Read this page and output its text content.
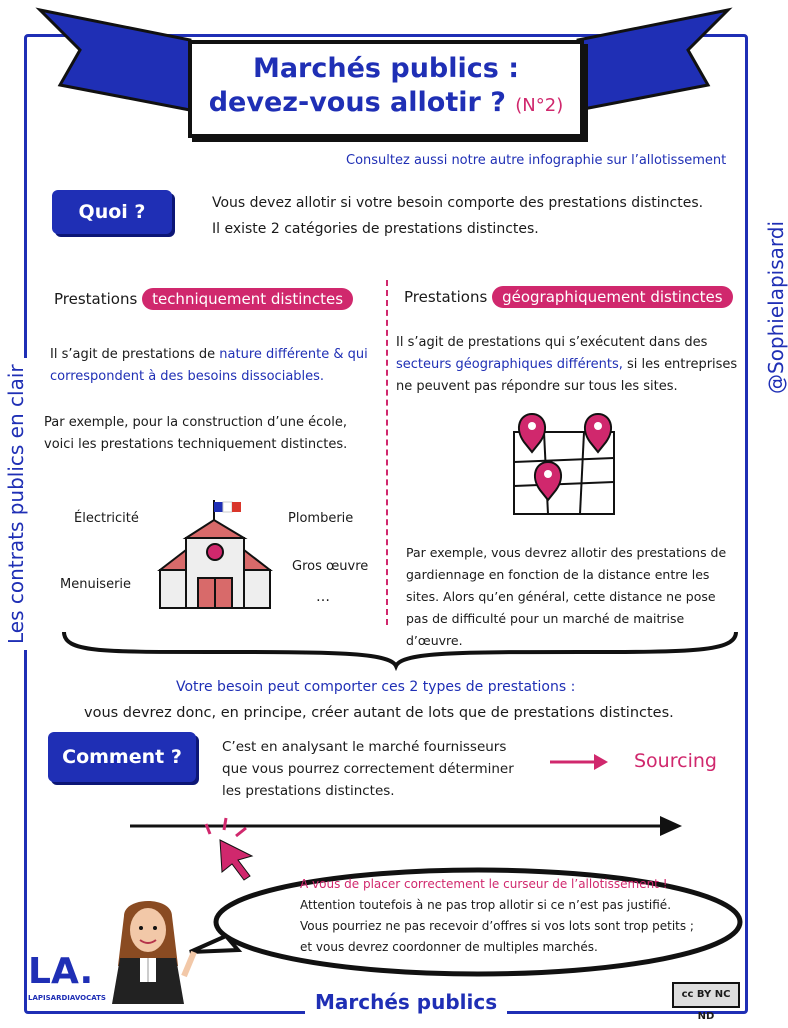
Marchés publics :
devez-vous allotir ? (N°2)
Les contrats publics en clair
@Sophielapisardi
Consultez aussi notre autre infographie sur l’allotissement
Quoi ?	Vous devez allotir si votre besoin comporte des prestations distinctes.
Il existe 2 catégories de prestations distinctes.
Prestations techniquement distinctes
Il s’agit de prestations de nature différente & qui correspondent à des besoins dissociables.
Par exemple, pour la construction d’une école, voici les prestations techniquement distinctes.
Électricité	Plomberie
Gros œuvre
Menuiserie
…
Prestations géographiquement distinctes
Il s’agit de prestations qui s’exécutent dans des secteurs géographiques différents, si les entreprises ne peuvent pas répondre sur tous les sites.
Par exemple, vous devrez allotir des prestations de gardiennage en fonction de la distance entre les sites. Alors qu’en général, cette distance ne pose pas de difficulté pour un marché de maitrise d’œuvre.
Votre besoin peut comporter ces 2 types de prestations :
vous devrez donc, en principe, créer autant de lots que de prestations distinctes.
Comment ?	C’est en analysant le marché fournisseurs que vous pourrez correctement déterminer les prestations distinctes.
Sourcing
A vous de placer correctement le curseur de l’allotissement !
Attention toutefois à ne pas trop allotir si ce n’est pas justifié.
Vous pourriez ne pas recevoir d’offres si vos lots sont trop petits ;
et vous devrez coordonner de multiples marchés.
LA.
LAPISARDIAVOCATS	Marchés publics	cc BY NC ND
